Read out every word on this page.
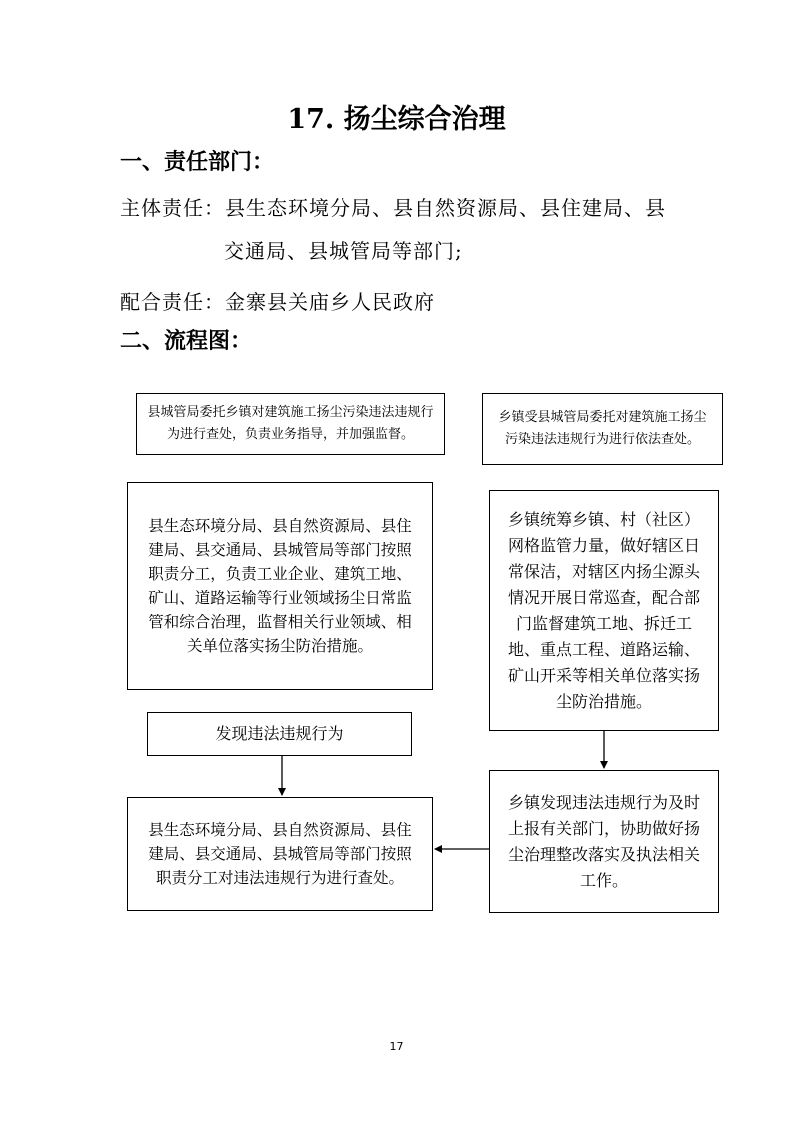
17. 扬尘综合治理
一、责任部门：
主体责任：县生态环境分局、县自然资源局、县住建局、县
交通局、县城管局等部门;
配合责任：金寨县关庙乡人民政府
二、流程图：
县城管局委托乡镇对建筑施工扬尘污染违法违规行为进行查处，负责业务指导，并加强监督。
乡镇受县城管局委托对建筑施工扬尘污染违法违规行为进行依法查处。
县生态环境分局、县自然资源局、县住建局、县交通局、县城管局等部门按照职责分工，负责工业企业、建筑工地、矿山、道路运输等行业领域扬尘日常监管和综合治理，监督相关行业领域、相关单位落实扬尘防治措施。
乡镇统筹乡镇、村（社区）网格监管力量，做好辖区日常保洁，对辖区内扬尘源头情况开展日常巡查，配合部门监督建筑工地、拆迁工地、重点工程、道路运输、矿山开采等相关单位落实扬尘防治措施。
发现违法违规行为
县生态环境分局、县自然资源局、县住建局、县交通局、县城管局等部门按照职责分工对违法违规行为进行查处。
乡镇发现违法违规行为及时上报有关部门，协助做好扬尘治理整改落实及执法相关工作。
17
